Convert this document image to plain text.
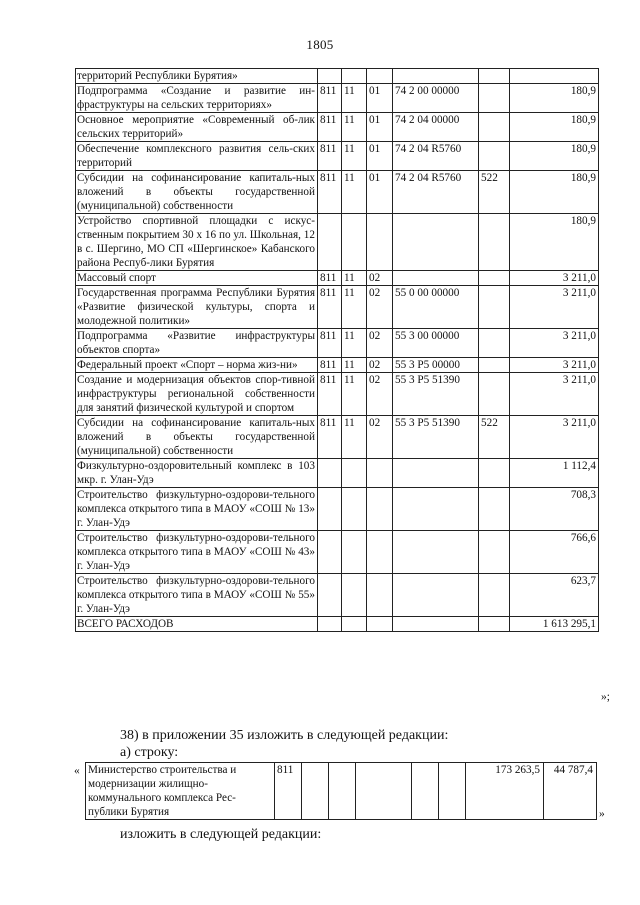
1805
территорий Республики Бурятия»						
Подпрограмма «Создание и развитие ин-фраструктуры на сельских территориях»	811	11	01	74 2 00 00000		180,9
Основное мероприятие «Современный об-лик сельских территорий»	811	11	01	74 2 04 00000		180,9
Обеспечение комплексного развития сель-ских территорий	811	11	01	74 2 04 R5760		180,9
Субсидии на софинансирование капиталь-ных вложений в объекты государственной (муниципальной) собственности	811	11	01	74 2 04 R5760	522	180,9
Устройство спортивной площадки с искус-ственным покрытием 30 х 16 по ул. Школьная, 12 в с. Шергино, МО СП «Шергинское» Кабанского района Респуб-лики Бурятия						180,9
Массовый спорт	811	11	02			3 211,0
Государственная программа Республики Бурятия «Развитие физической культуры, спорта и молодежной политики»	811	11	02	55 0 00 00000		3 211,0
Подпрограмма «Развитие инфраструктуры объектов спорта»	811	11	02	55 3 00 00000		3 211,0
Федеральный проект «Спорт – норма жиз-ни»	811	11	02	55 3 P5 00000		3 211,0
Создание и модернизация объектов спор-тивной инфраструктуры региональной собственности для занятий физической культурой и спортом	811	11	02	55 3 P5 51390		3 211,0
Субсидии на софинансирование капиталь-ных вложений в объекты государственной (муниципальной) собственности	811	11	02	55 3 P5 51390	522	3 211,0
Физкультурно-оздоровительный комплекс в 103 мкр. г. Улан-Удэ						1 112,4
Строительство физкультурно-оздорови-тельного комплекса открытого типа в МАОУ «СОШ № 13» г. Улан-Удэ						708,3
Строительство физкультурно-оздорови-тельного комплекса открытого типа в МАОУ «СОШ № 43» г. Улан-Удэ						766,6
Строительство физкультурно-оздорови-тельного комплекса открытого типа в МАОУ «СОШ № 55» г. Улан-Удэ						623,7
ВСЕГО РАСХОДОВ						1 613 295,1
»;
38) в приложении 35 изложить в следующей редакции:
а) строку:
« Министерство строительства и модернизации жилищно-коммунального комплекса Рес-публики Бурятия	811						173 263,5	44 787,4
»
изложить в следующей редакции:
